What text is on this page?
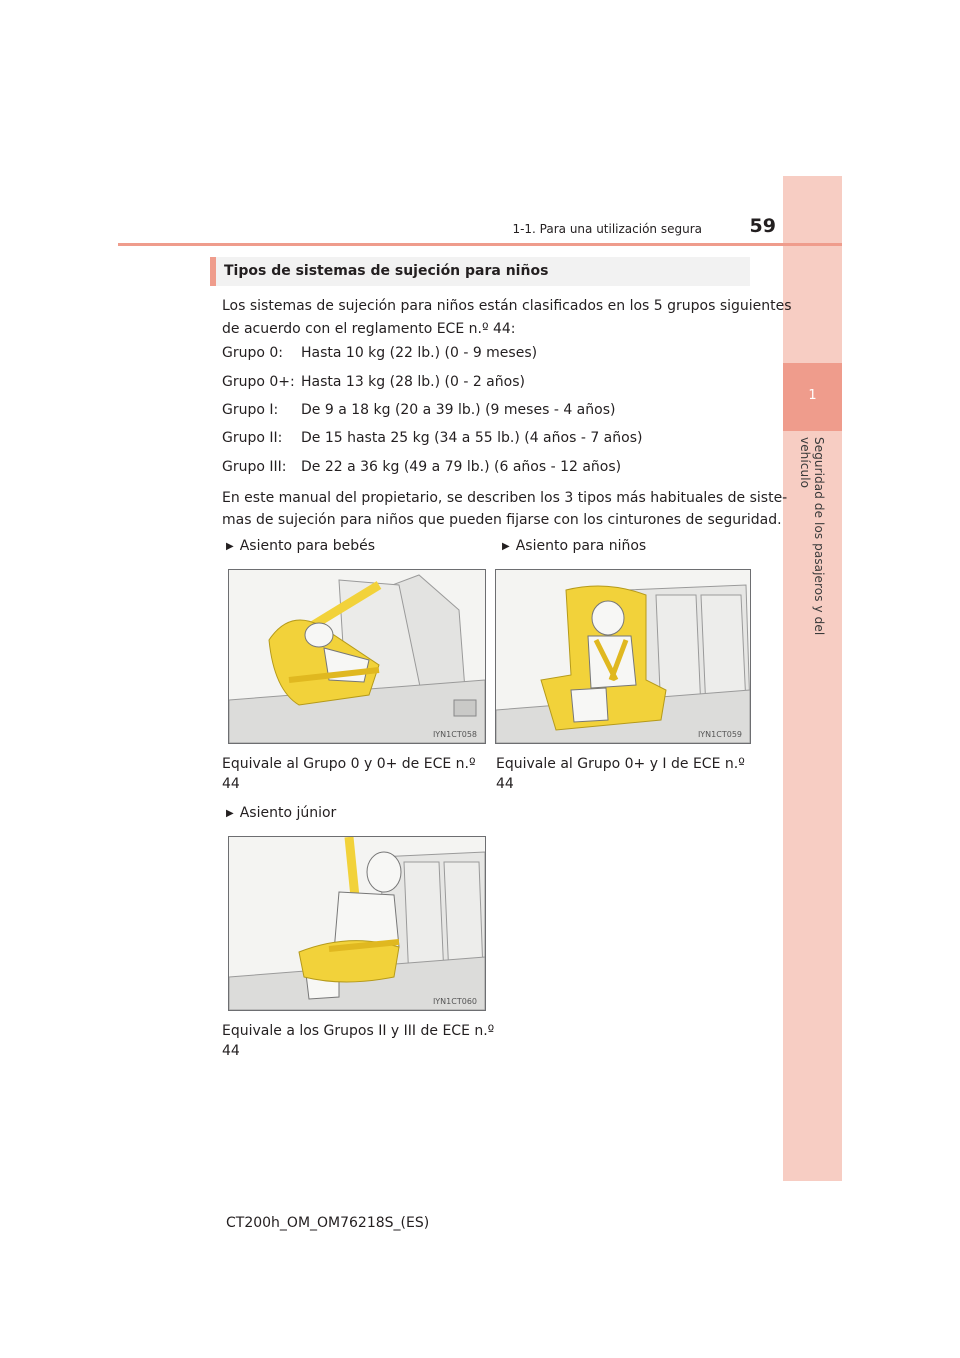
1
Seguridad de los pasajeros y del vehículo
1-1. Para una utilización segura	59
Tipos de sistemas de sujeción para niños
Los sistemas de sujeción para niños están clasificados en los 5 grupos siguientes
de acuerdo con el reglamento ECE n.º 44:
Grupo 0: Hasta 10 kg (22 lb.) (0 - 9 meses)
Grupo 0+: Hasta 13 kg (28 lb.) (0 - 2 años)
Grupo I: De 9 a 18 kg (20 a 39 lb.) (9 meses - 4 años)
Grupo II: De 15 hasta 25 kg (34 a 55 lb.) (4 años - 7 años)
Grupo III: De 22 a 36 kg (49 a 79 lb.) (6 años - 12 años)
En este manual del propietario, se describen los 3 tipos más habituales de siste-
mas de sujeción para niños que pueden fijarse con los cinturones de seguridad.
▶ Asiento para bebés
IYN1CT058
Equivale al Grupo 0 y 0+ de ECE n.º
44
▶ Asiento para niños
IYN1CT059
Equivale al Grupo 0+ y I de ECE n.º
44
▶ Asiento júnior
IYN1CT060
Equivale a los Grupos II y III de ECE n.º
44
CT200h_OM_OM76218S_(ES)
